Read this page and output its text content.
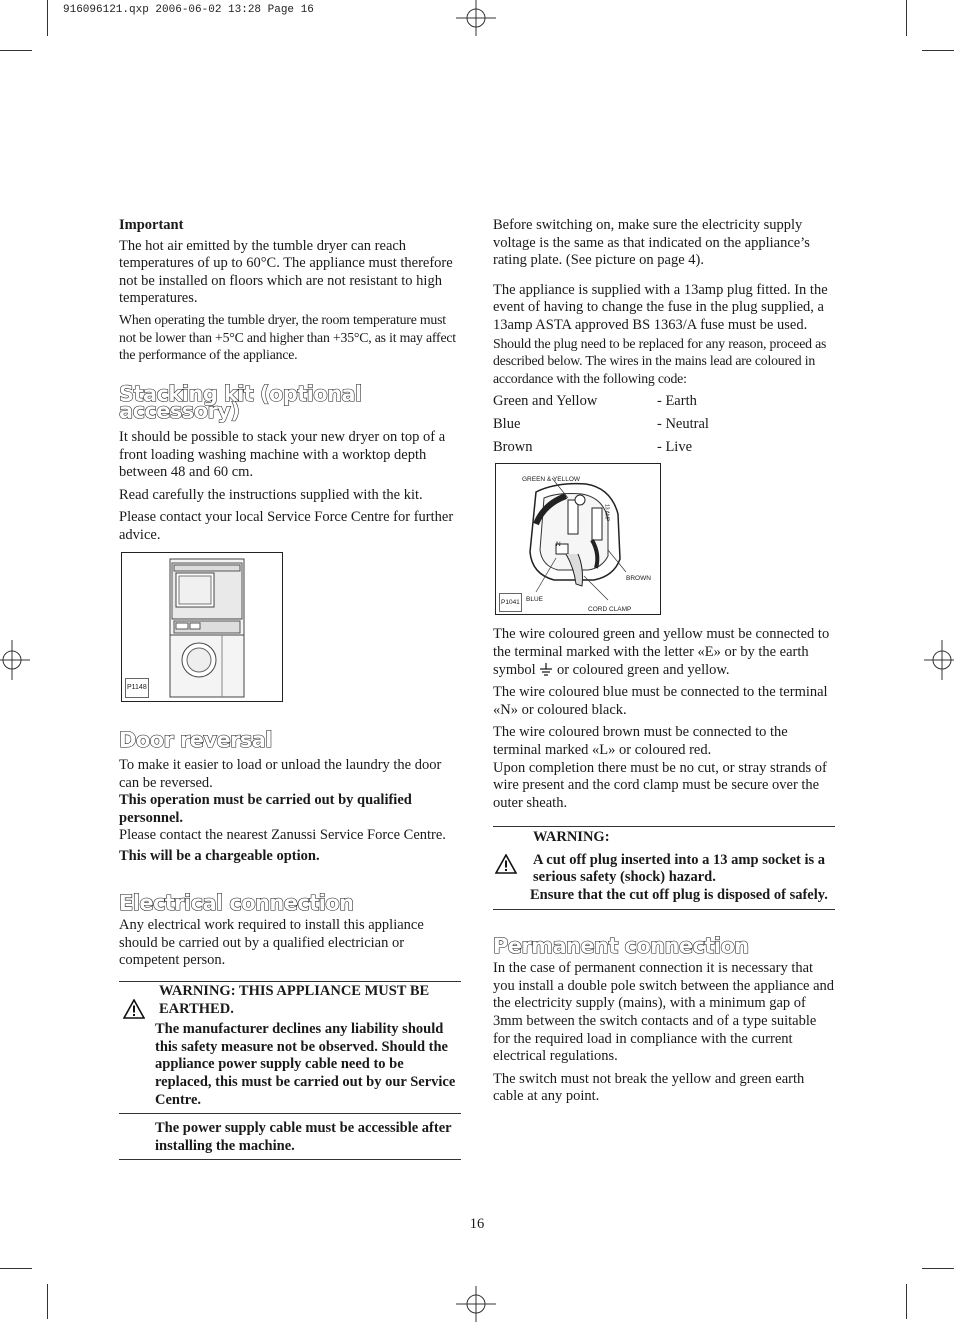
916096121.qxp 2006-06-02 13:28 Page 16

Important

The hot air emitted by the tumble dryer can reach temperatures of up to 60°C. The appliance must therefore not be installed on floors which are not resistant to high temperatures.

When operating the tumble dryer, the room temperature must not be lower than +5°C and higher than +35°C, as it may affect the performance of the appliance.

Stacking kit (optional accessory)

It should be possible to stack your new dryer on top of a front loading washing machine with a worktop depth between 48 and 60 cm.

Read carefully the instructions supplied with the kit.

Please contact your local Service Force Centre for further advice.

P1148
Door reversal

To make it easier to load or unload the laundry the door can be reversed.

This operation must be carried out by qualified personnel.

Please contact the nearest Zanussi Service Force Centre.

This will be a chargeable option.

Electrical connection

Any electrical work required to install this appliance should be carried out by a qualified electrician or competent person.

WARNING: THIS APPLIANCE MUST BE EARTHED.

The manufacturer declines any liability should this safety measure not be observed. Should the appliance power supply cable need to be replaced, this must be carried out by our Service Centre.

The power supply cable must be accessible after installing the machine.

Before switching on, make sure the electricity supply voltage is the same as that indicated on the appliance’s rating plate. (See picture on page 4).

The appliance is supplied with a 13amp plug fitted. In the event of having to change the fuse in the plug supplied, a 13amp ASTA approved BS 1363/A fuse must be used.

Should the plug need to be replaced for any reason, proceed as described below. The wires in the mains lead are coloured in accordance with the following code:

Green and Yellow	- Earth
Blue	- Neutral
Brown	- Live
GREEN & YELLOW
BROWN
BLUE
CORD CLAMP
N
13 AMP
P1041

The wire coloured green and yellow must be connected to the terminal marked with the letter «E» or by the earth symbol or coloured green and yellow.

The wire coloured blue must be connected to the terminal «N» or coloured black.

The wire coloured brown must be connected to the terminal marked «L» or coloured red.

Upon completion there must be no cut, or stray strands of wire present and the cord clamp must be secure over the outer sheath.

WARNING:

A cut off plug inserted into a 13 amp socket is a serious safety (shock) hazard.

Ensure that the cut off plug is disposed of safely.

Permanent connection

In the case of permanent connection it is necessary that you install a double pole switch between the appliance and the electricity supply (mains), with a minimum gap of 3mm between the switch contacts and of a type suitable for the required load in compliance with the current electrical regulations.

The switch must not break the yellow and green earth cable at any point.

16
